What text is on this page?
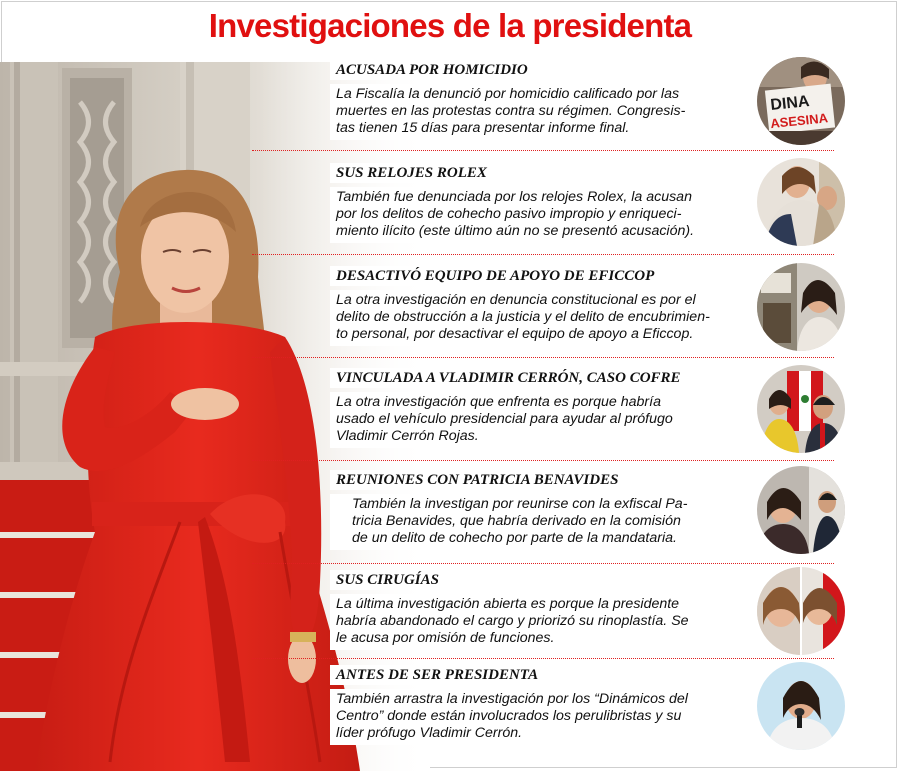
Investigaciones de la presidenta
ACUSADA POR HOMICIDIO
La Fiscalía la denunció por homicidio calificado por las
muertes en las protestas contra su régimen. Congresis-
tas tienen 15 días para presentar informe final.
DINA
ASESINA
SUS RELOJES ROLEX
También fue denunciada por los relojes Rolex, la acusan
por los delitos de cohecho pasivo impropio y enriqueci-
miento ilícito (este último aún no se presentó acusación).
DESACTIVÓ EQUIPO DE APOYO DE EFICCOP
La otra investigación en denuncia constitucional es por el
delito de obstrucción a la justicia y el delito de encubrimien-
to personal, por desactivar el equipo de apoyo a Eficcop.
VINCULADA A VLADIMIR CERRÓN, CASO COFRE
La otra investigación que enfrenta es porque habría
usado el vehículo presidencial para ayudar al prófugo
Vladimir Cerrón Rojas.
REUNIONES CON PATRICIA BENAVIDES
También la investigan por reunirse con la exfiscal Pa-
tricia Benavides, que habría derivado en la comisión
de un delito de cohecho por parte de la mandataria.
SUS CIRUGÍAS
La última investigación abierta es porque la presidente
habría abandonado el cargo y priorizó su rinoplastía. Se
le acusa por omisión de funciones.
ANTES DE SER PRESIDENTA
También arrastra la investigación por los “Dinámicos del
Centro” donde están involucrados los perulibristas y su
líder prófugo Vladimir Cerrón.
